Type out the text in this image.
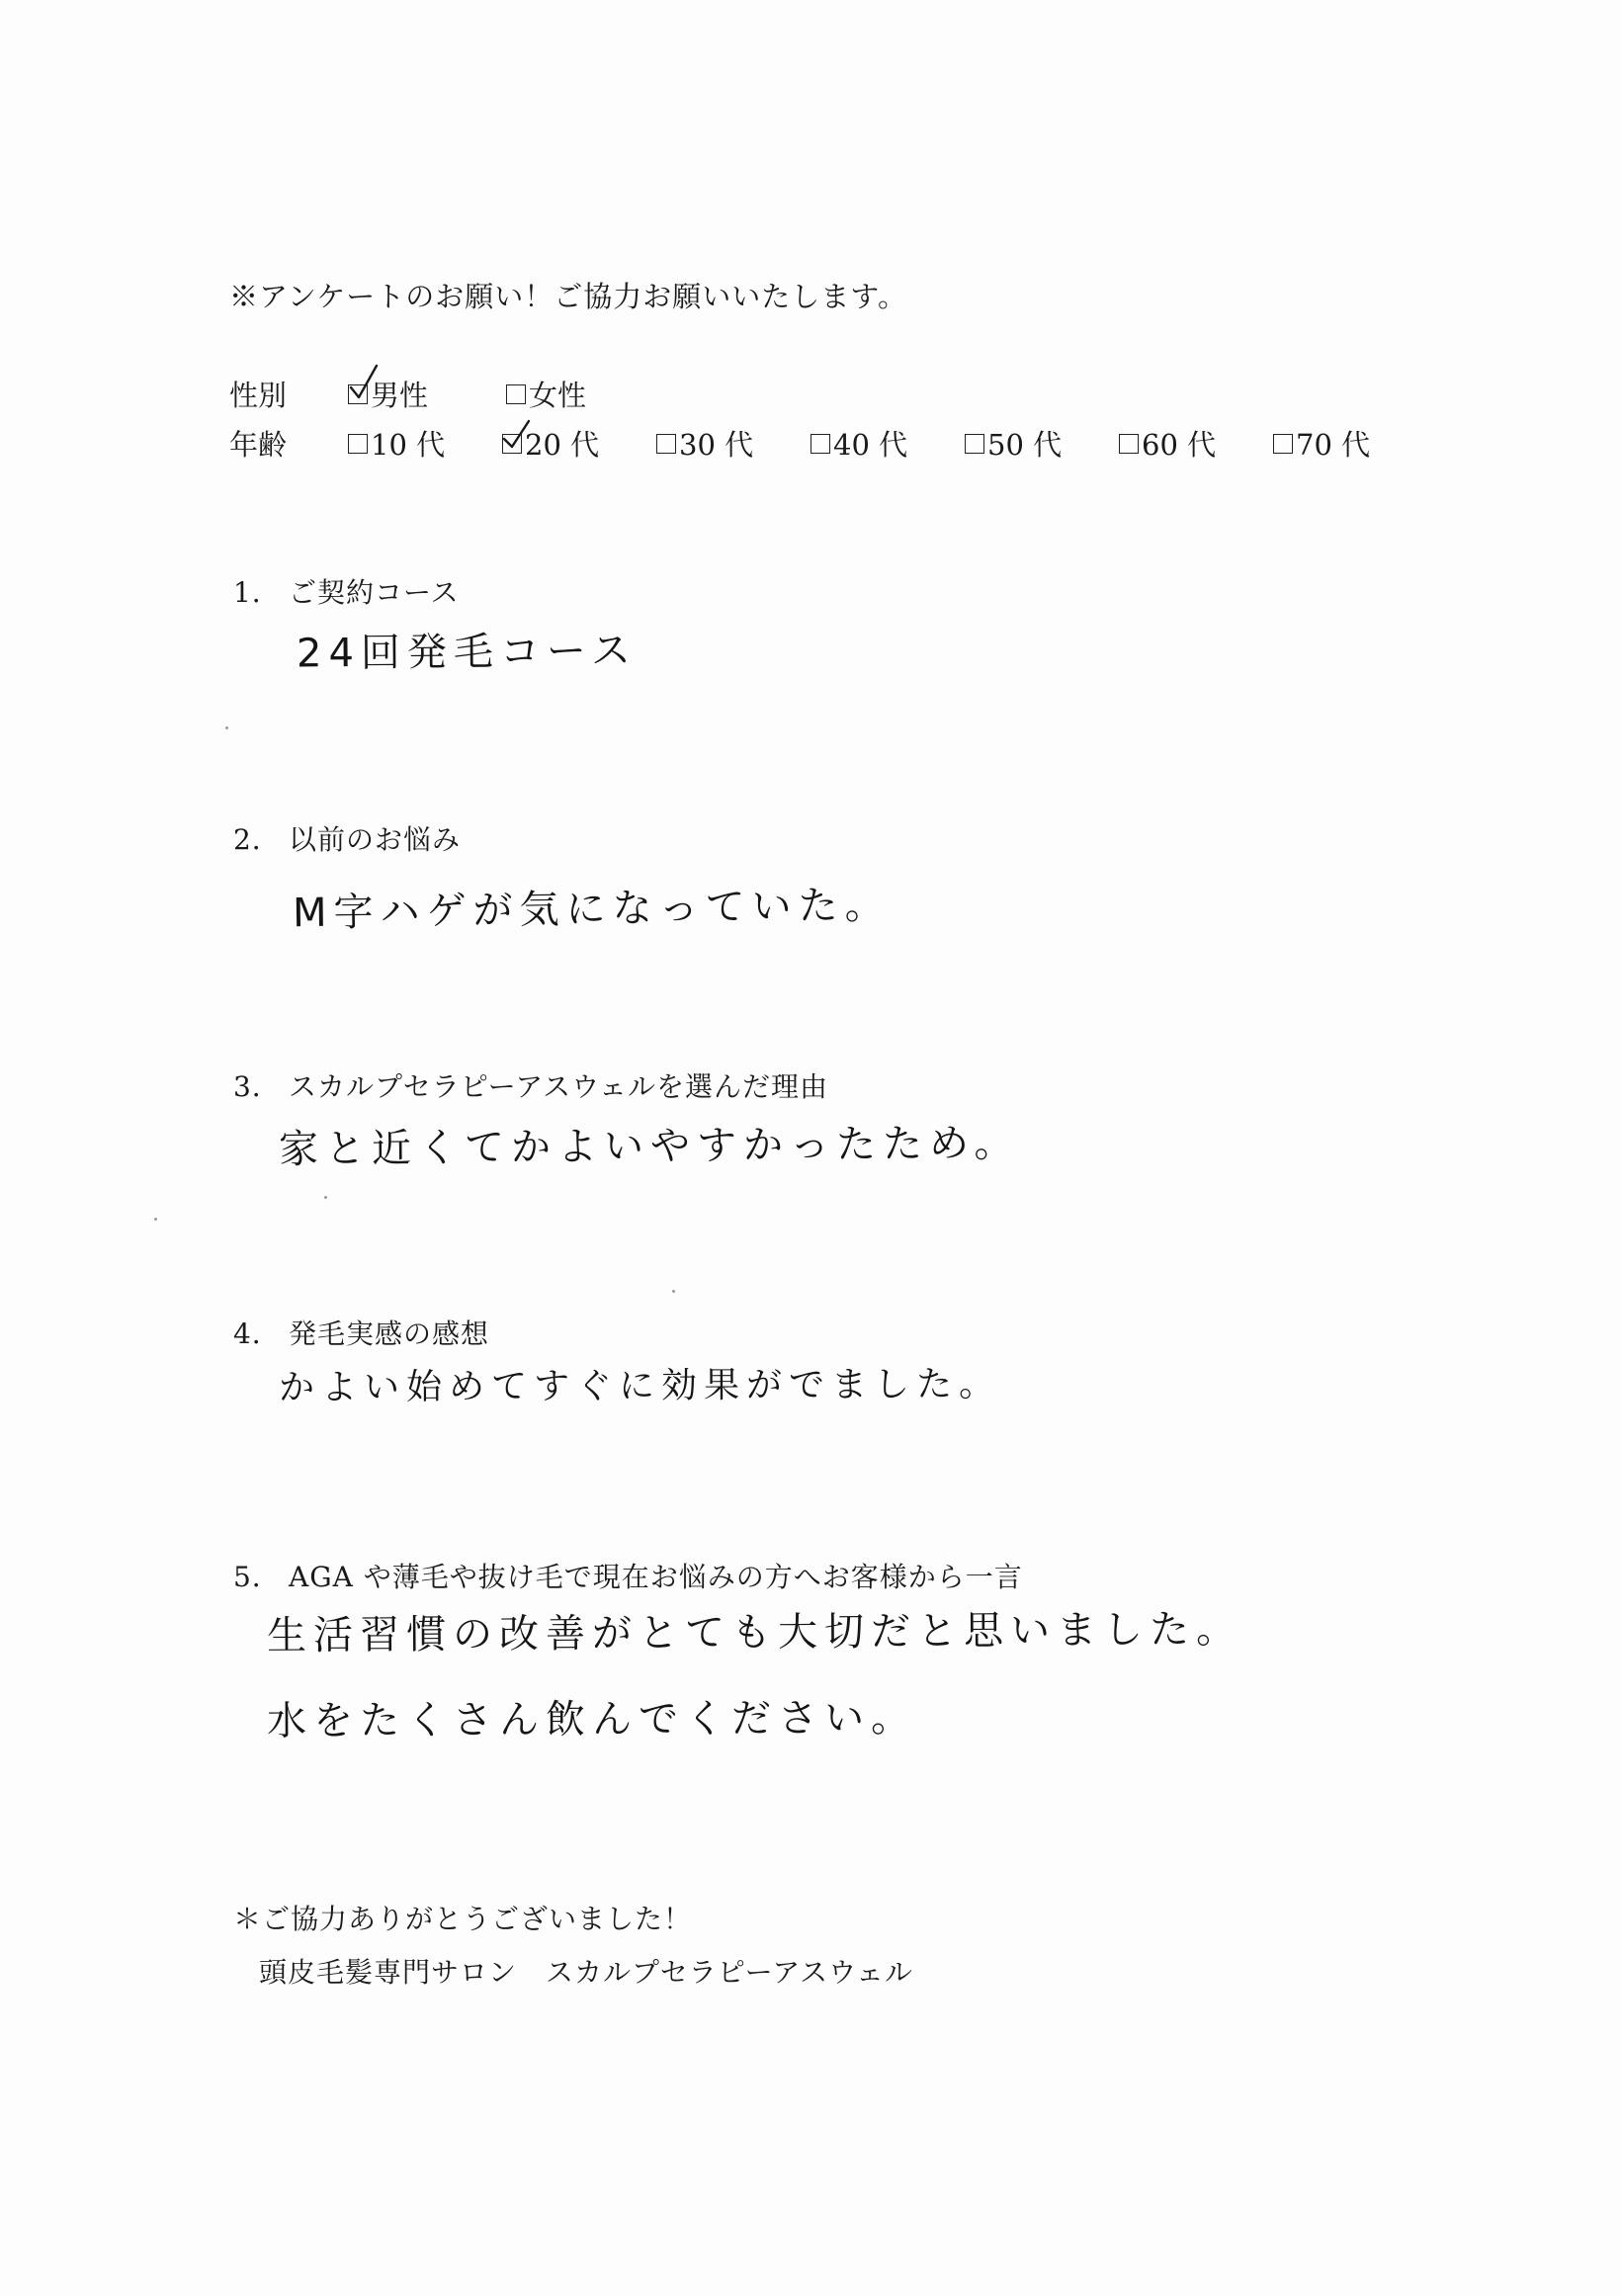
※アンケートのお願い！ご協力お願いいたします。
性別	男性	女性
年齢	10 代	20 代	30 代	40 代	50 代	60 代	70 代
1． ご契約コース
24回発毛コース
2． 以前のお悩み
M字ハゲが気になっていた。
3． スカルプセラピーアスウェルを選んだ理由
家と近くてかよいやすかったため。
4． 発毛実感の感想
かよい始めてすぐに効果がでました。
5． AGA や薄毛や抜け毛で現在お悩みの方へお客様から一言
生活習慣の改善がとても大切だと思いました。
水をたくさん飲んでください。
＊ご協力ありがとうございました！
頭皮毛髪専門サロン　スカルプセラピーアスウェル
